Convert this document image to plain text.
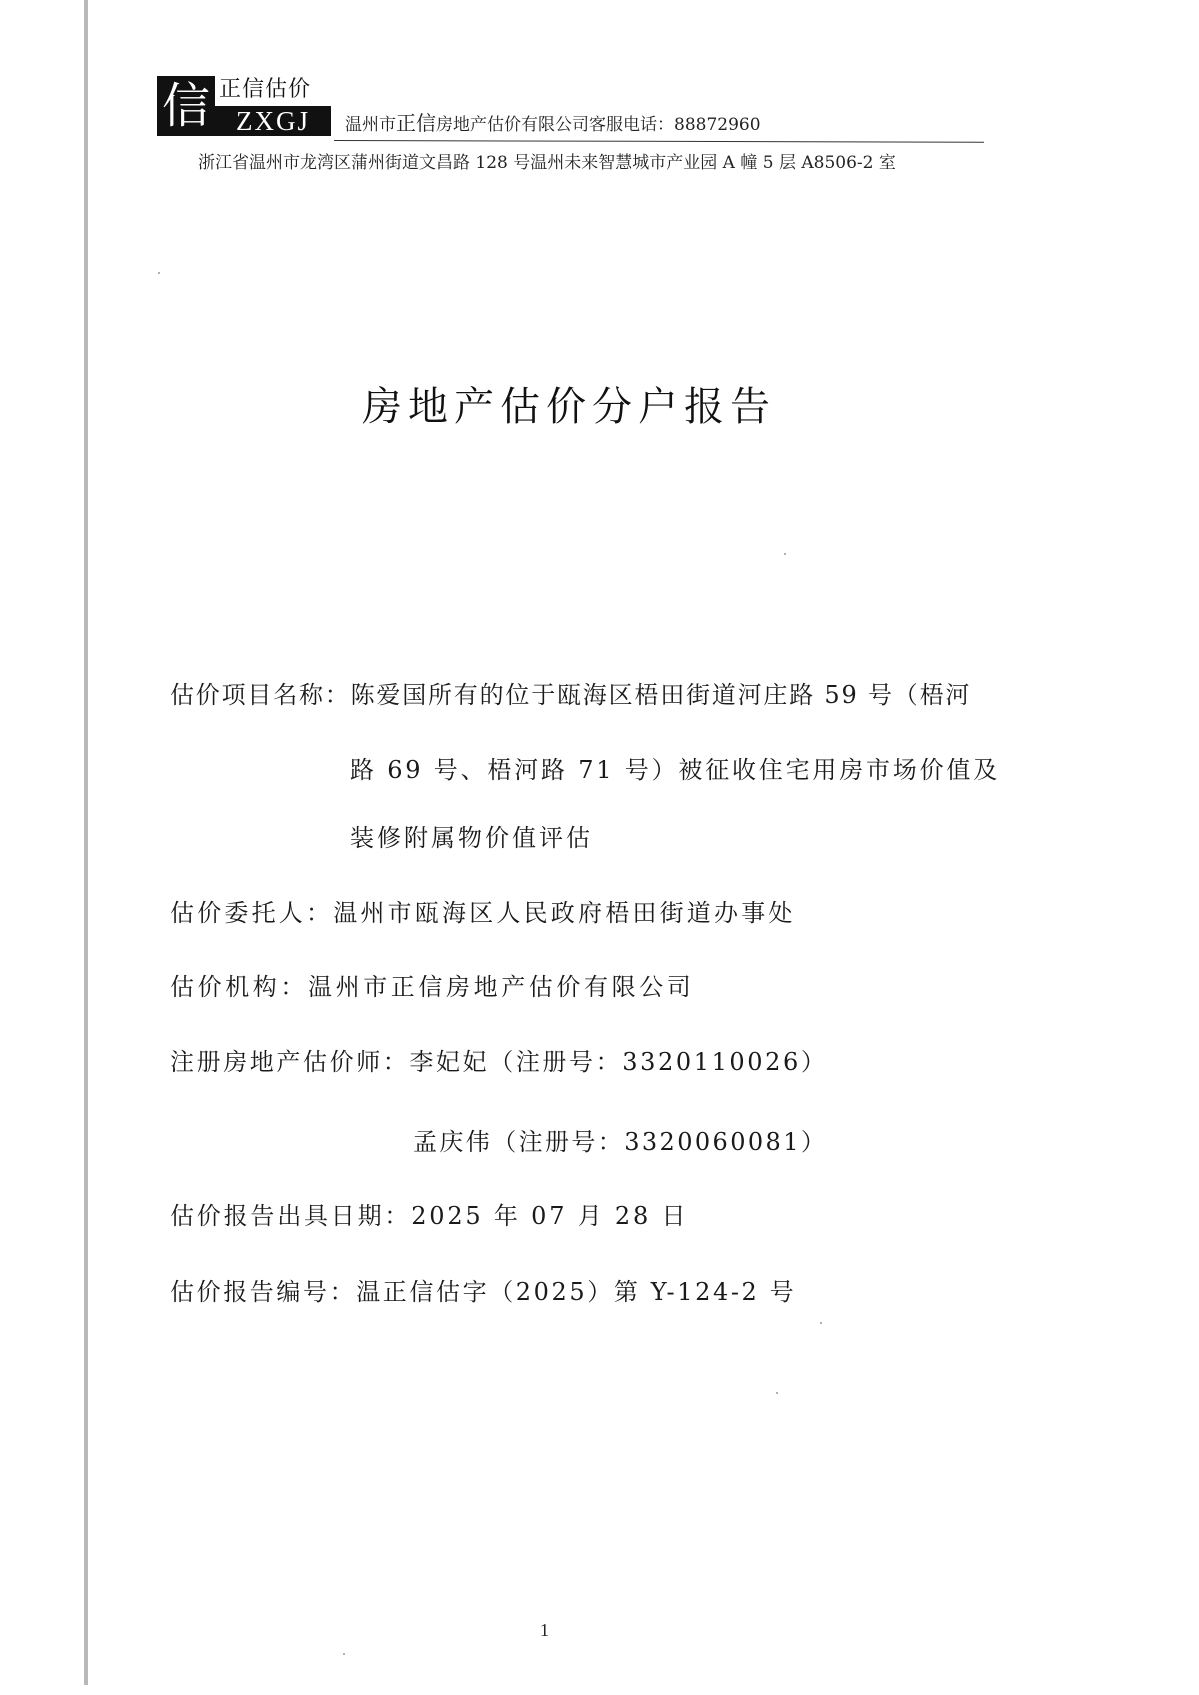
信 正信估价
ZXGJ	温州市正信房地产估价有限公司客服电话：88872960
浙江省温州市龙湾区蒲州街道文昌路 128 号温州未来智慧城市产业园 A 幢 5 层 A8506-2 室
房地产估价分户报告
估价项目名称：陈爱国所有的位于瓯海区梧田街道河庄路 59 号（梧河
路 69 号、梧河路 71 号）被征收住宅用房市场价值及
装修附属物价值评估
估价委托人：温州市瓯海区人民政府梧田街道办事处
估价机构：温州市正信房地产估价有限公司
注册房地产估价师：李妃妃（注册号：3320110026）
孟庆伟（注册号：3320060081）
估价报告出具日期：2025 年 07 月 28 日
估价报告编号：温正信估字（2025）第 Y-124-2 号
1
